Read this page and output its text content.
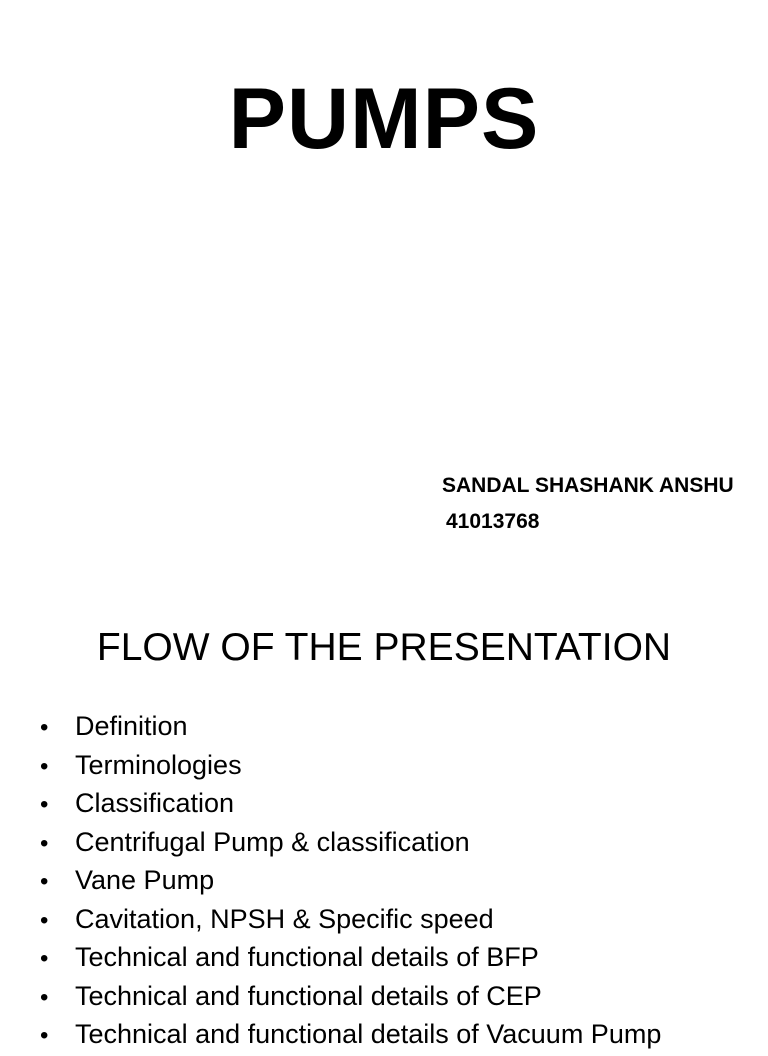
PUMPS
SANDAL SHASHANK ANSHU
41013768
FLOW OF THE PRESENTATION
• Definition
• Terminologies
• Classification
• Centrifugal Pump & classification
• Vane Pump
• Cavitation, NPSH & Specific speed
• Technical and functional details of BFP
• Technical and functional details of CEP
• Technical and functional details of Vacuum Pump
